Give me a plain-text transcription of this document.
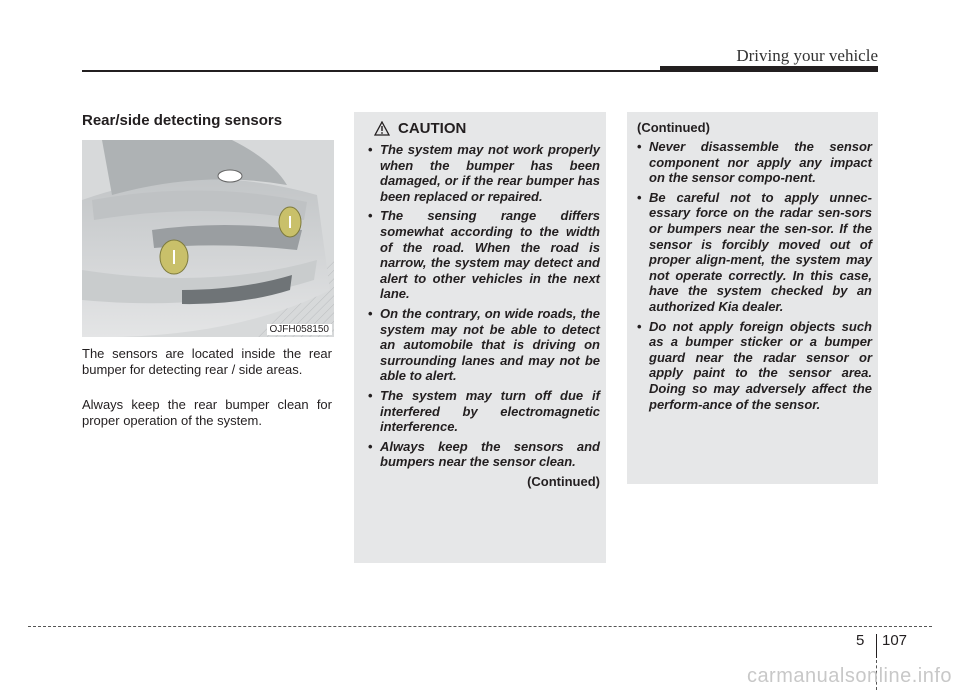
Driving your vehicle
Rear/side detecting sensors
OJFH058150

The sensors are located inside the rear bumper for detecting rear / side areas.

Always keep the rear bumper clean for proper operation of the system.

CAUTION
• The system may not work properly when the bumper has been damaged, or if the rear bumper has been replaced or repaired.
• The sensing range differs somewhat according to the width of the road. When the road is narrow, the system may detect and alert to other vehicles in the next lane.
• On the contrary, on wide roads, the system may not be able to detect an automobile that is driving on surrounding lanes and may not be able to alert.
• The system may turn off due if interfered by electromagnetic interference.
• Always keep the sensors and bumpers near the sensor clean.
(Continued)
(Continued)
• Never disassemble the sensor component nor apply any impact on the sensor compo-nent.
• Be careful not to apply unnec-essary force on the radar sen-sors or bumpers near the sen-sor. If the sensor is forcibly moved out of proper align-ment, the system may not operate correctly. In this case, have the system checked by an authorized Kia dealer.
• Do not apply foreign objects such as a bumper sticker or a bumper guard near the radar sensor or apply paint to the sensor area. Doing so may adversely affect the perform-ance of the sensor.
5 107
carmanualsonline.info
